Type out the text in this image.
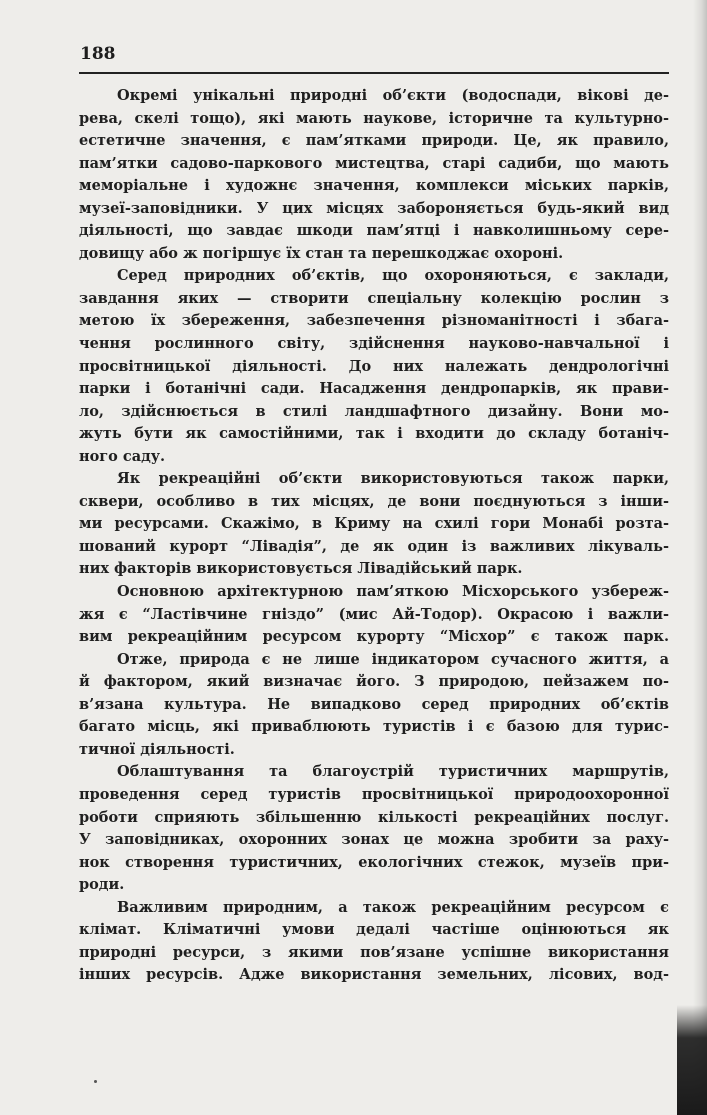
188

Окремі унікальні природні об’єкти (водоспади, вікові де-
рева, скелі тощо), які мають наукове, історичне та культурно-
естетичне значення, є пам’ятками природи. Це, як правило,
пам’ятки садово-паркового мистецтва, старі садиби, що мають
меморіальне і художнє значення, комплекси міських парків,
музеї-заповідники. У цих місцях забороняється будь-який вид
діяльності, що завдає шкоди пам’ятці і навколишньому сере-
довищу або ж погіршує їх стан та перешкоджає охороні.

Серед природних об’єктів, що охороняються, є заклади,
завдання яких — створити спеціальну колекцію рослин з
метою їх збереження, забезпечення різноманітності і збага-
чення рослинного світу, здійснення науково-навчальної і
просвітницької діяльності. До них належать дендрологічні
парки і ботанічні сади. Насадження дендропарків, як прави-
ло, здійснюється в стилі ландшафтного дизайну. Вони мо-
жуть бути як самостійними, так і входити до складу ботаніч-
ного саду.

Як рекреаційні об’єкти використовуються також парки,
сквери, особливо в тих місцях, де вони поєднуються з інши-
ми ресурсами. Скажімо, в Криму на схилі гори Монабі розта-
шований курорт “Лівадія”, де як один із важливих лікуваль-
них факторів використовується Лівадійський парк.

Основною архітектурною пам’яткою Місхорського узбереж-
жя є “Ластівчине гніздо” (мис Ай-Тодор). Окрасою і важли-
вим рекреаційним ресурсом курорту “Місхор” є також парк.

Отже, природа є не лише індикатором сучасного життя, а
й фактором, який визначає його. З природою, пейзажем по-
в’язана культура. Не випадково серед природних об’єктів
багато місць, які приваблюють туристів і є базою для турис-
тичної діяльності.

Облаштування та благоустрій туристичних маршрутів,
проведення серед туристів просвітницької природоохоронної
роботи сприяють збільшенню кількості рекреаційних послуг.
У заповідниках, охоронних зонах це можна зробити за раху-
нок створення туристичних, екологічних стежок, музеїв при-
роди.

Важливим природним, а також рекреаційним ресурсом є
клімат. Кліматичні умови дедалі частіше оцінюються як
природні ресурси, з якими пов’язане успішне використання
інших ресурсів. Адже використання земельних, лісових, вод-
